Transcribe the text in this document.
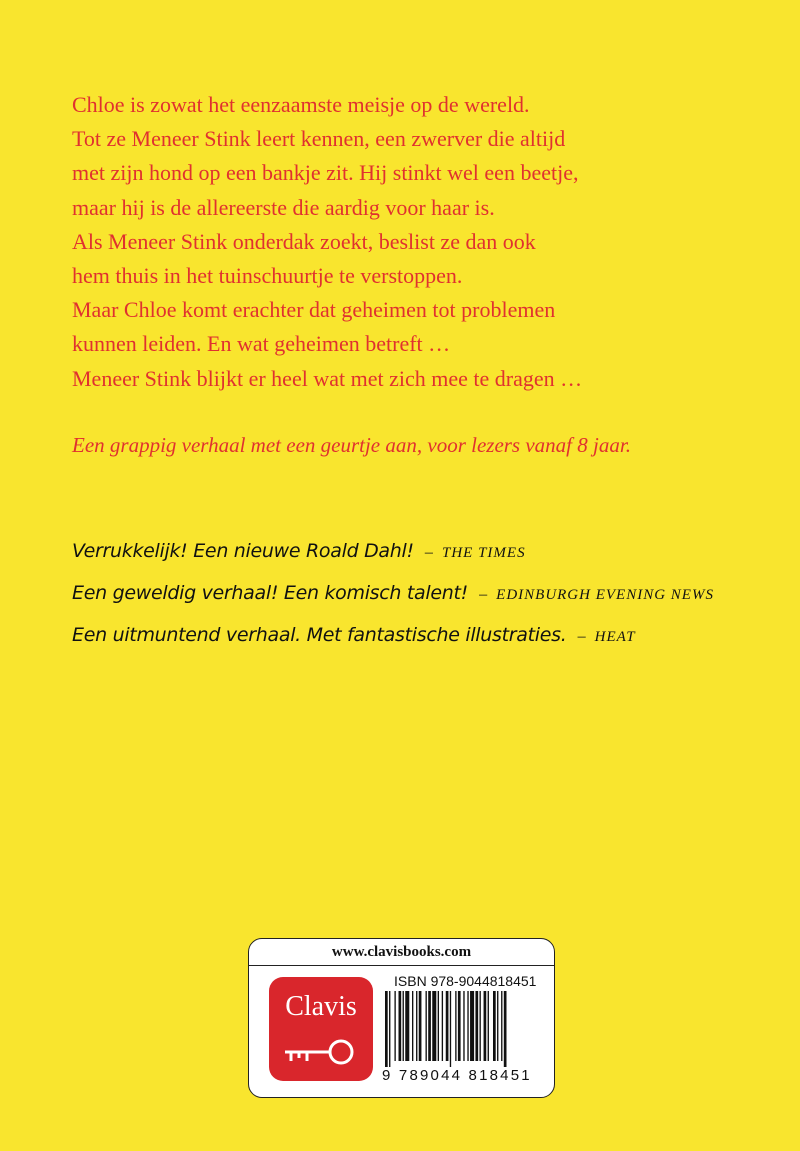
Chloe is zowat het eenzaamste meisje op de wereld.
Tot ze Meneer Stink leert kennen, een zwerver die altijd
met zijn hond op een bankje zit. Hij stinkt wel een beetje,
maar hij is de allereerste die aardig voor haar is.
Als Meneer Stink onderdak zoekt, beslist ze dan ook
hem thuis in het tuinschuurtje te verstoppen.
Maar Chloe komt erachter dat geheimen tot problemen
kunnen leiden. En wat geheimen betreft …
Meneer Stink blijkt er heel wat met zich mee te dragen …
Een grappig verhaal met een geurtje aan, voor lezers vanaf 8 jaar.
Verrukkelijk! Een nieuwe Roald Dahl! – THE TIMES
Een geweldig verhaal! Een komisch talent! – EDINBURGH EVENING NEWS
Een uitmuntend verhaal. Met fantastische illustraties. – HEAT
www.clavisbooks.com
Clavis
ISBN 978-9044818451
9 789044 818451
